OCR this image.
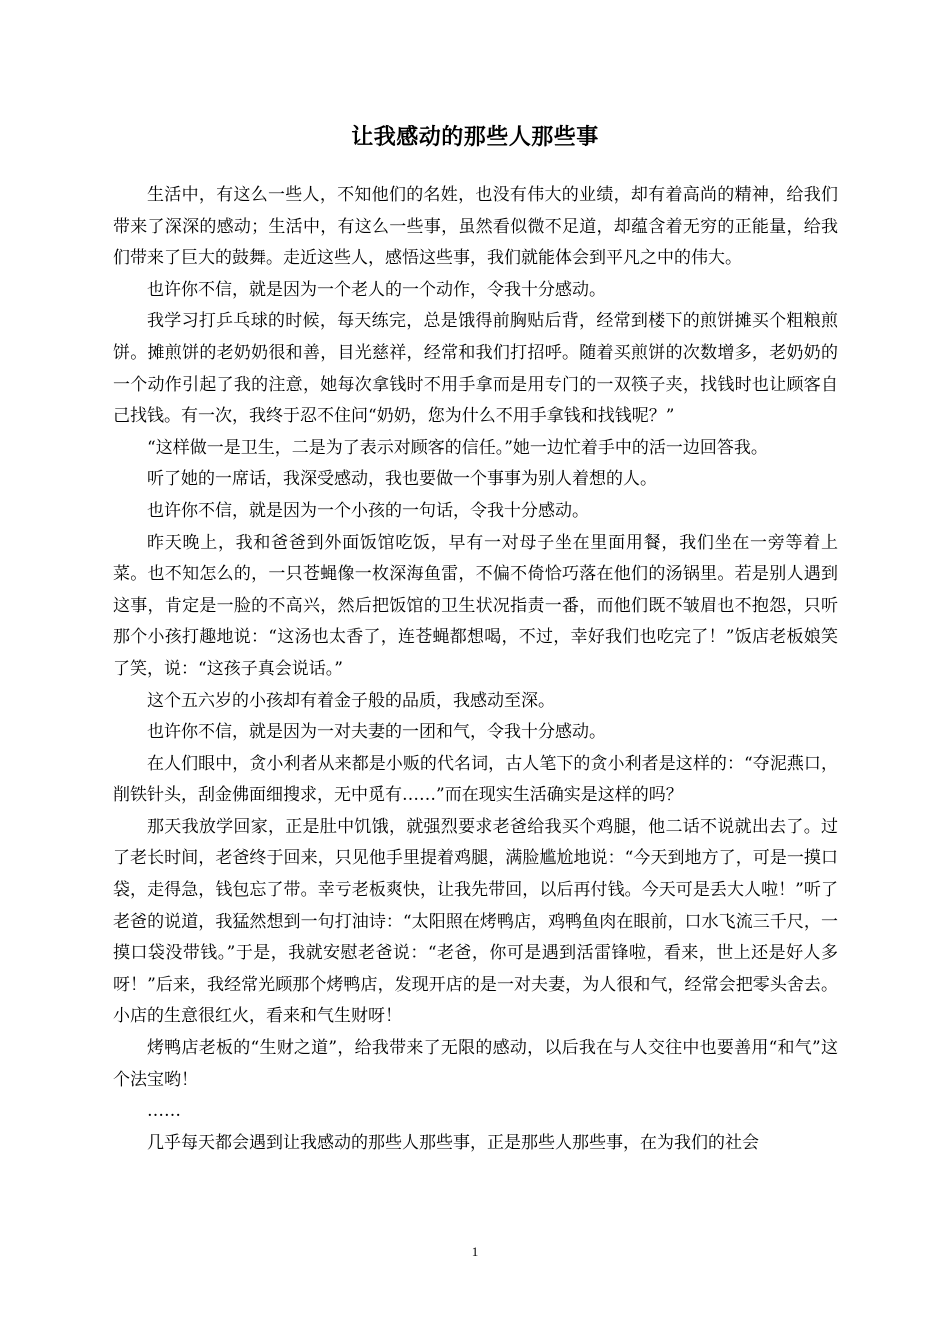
让我感动的那些人那些事

生活中，有这么一些人，不知他们的名姓，也没有伟大的业绩，却有着高尚的精神，给我们带来了深深的感动；生活中，有这么一些事，虽然看似微不足道，却蕴含着无穷的正能量，给我们带来了巨大的鼓舞。走近这些人，感悟这些事，我们就能体会到平凡之中的伟大。

也许你不信，就是因为一个老人的一个动作，令我十分感动。

我学习打乒乓球的时候，每天练完，总是饿得前胸贴后背，经常到楼下的煎饼摊买个粗粮煎饼。摊煎饼的老奶奶很和善，目光慈祥，经常和我们打招呼。随着买煎饼的次数增多，老奶奶的一个动作引起了我的注意，她每次拿钱时不用手拿而是用专门的一双筷子夹，找钱时也让顾客自己找钱。有一次，我终于忍不住问“奶奶，您为什么不用手拿钱和找钱呢？”

“这样做一是卫生，二是为了表示对顾客的信任。”她一边忙着手中的活一边回答我。

听了她的一席话，我深受感动，我也要做一个事事为别人着想的人。

也许你不信，就是因为一个小孩的一句话，令我十分感动。

昨天晚上，我和爸爸到外面饭馆吃饭，早有一对母子坐在里面用餐，我们坐在一旁等着上菜。也不知怎么的，一只苍蝇像一枚深海鱼雷，不偏不倚恰巧落在他们的汤锅里。若是别人遇到这事，肯定是一脸的不高兴，然后把饭馆的卫生状况指责一番，而他们既不皱眉也不抱怨，只听那个小孩打趣地说：“这汤也太香了，连苍蝇都想喝，不过，幸好我们也吃完了！”饭店老板娘笑了笑，说：“这孩子真会说话。”

这个五六岁的小孩却有着金子般的品质，我感动至深。

也许你不信，就是因为一对夫妻的一团和气，令我十分感动。

在人们眼中，贪小利者从来都是小贩的代名词，古人笔下的贪小利者是这样的：“夺泥燕口，削铁针头，刮金佛面细搜求，无中觅有……”而在现实生活确实是这样的吗？

那天我放学回家，正是肚中饥饿，就强烈要求老爸给我买个鸡腿，他二话不说就出去了。过了老长时间，老爸终于回来，只见他手里提着鸡腿，满脸尴尬地说：“今天到地方了，可是一摸口袋，走得急，钱包忘了带。幸亏老板爽快，让我先带回，以后再付钱。今天可是丢大人啦！”听了老爸的说道，我猛然想到一句打油诗：“太阳照在烤鸭店，鸡鸭鱼肉在眼前，口水飞流三千尺，一摸口袋没带钱。”于是，我就安慰老爸说：“老爸，你可是遇到活雷锋啦，看来，世上还是好人多呀！”后来，我经常光顾那个烤鸭店，发现开店的是一对夫妻，为人很和气，经常会把零头舍去。小店的生意很红火，看来和气生财呀！

烤鸭店老板的“生财之道”，给我带来了无限的感动，以后我在与人交往中也要善用“和气”这个法宝哟！

……

几乎每天都会遇到让我感动的那些人那些事，正是那些人那些事，在为我们的社会

1
